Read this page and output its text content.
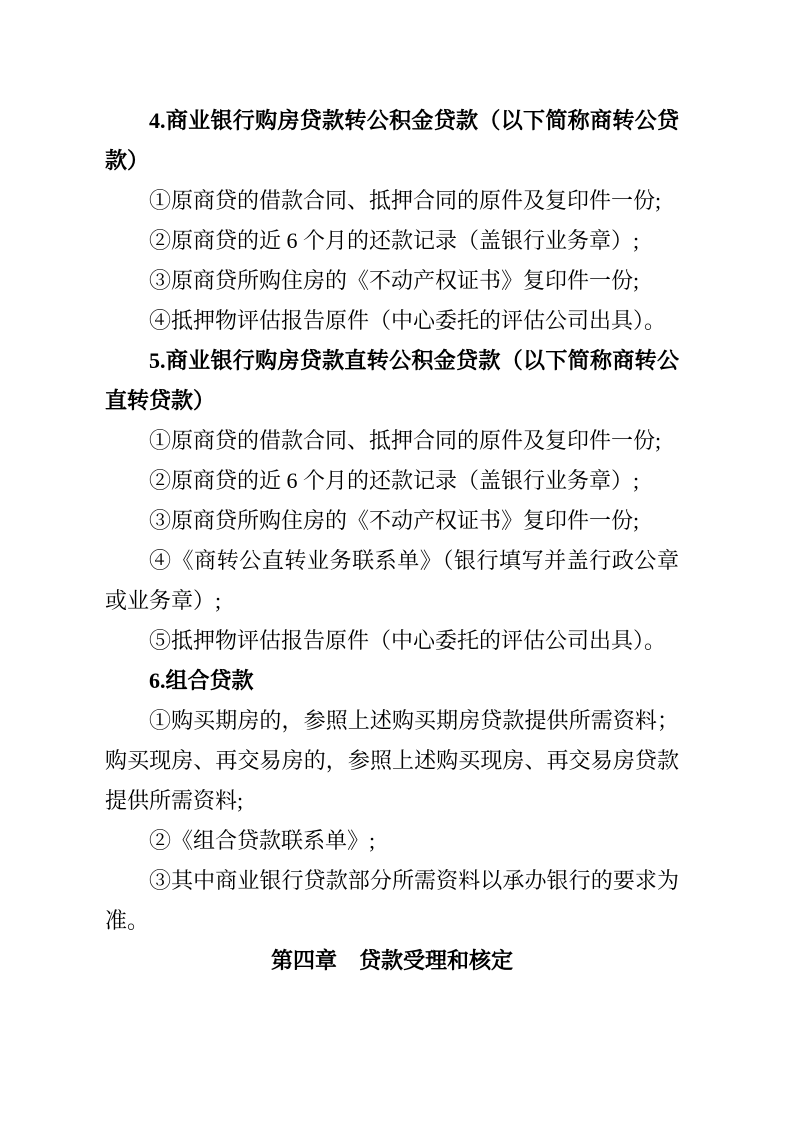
4.商业银行购房贷款转公积金贷款（以下简称商转公贷款）

①原商贷的借款合同、抵押合同的原件及复印件一份;

②原商贷的近 6 个月的还款记录（盖银行业务章）;

③原商贷所购住房的《不动产权证书》复印件一份;

④抵押物评估报告原件（中心委托的评估公司出具）。

5.商业银行购房贷款直转公积金贷款（以下简称商转公直转贷款）

①原商贷的借款合同、抵押合同的原件及复印件一份;

②原商贷的近 6 个月的还款记录（盖银行业务章）;

③原商贷所购住房的《不动产权证书》复印件一份;

④《商转公直转业务联系单》（银行填写并盖行政公章或业务章）;

⑤抵押物评估报告原件（中心委托的评估公司出具）。

6.组合贷款

①购买期房的，参照上述购买期房贷款提供所需资料；购买现房、再交易房的，参照上述购买现房、再交易房贷款提供所需资料;

②《组合贷款联系单》;

③其中商业银行贷款部分所需资料以承办银行的要求为准。

第四章　贷款受理和核定
